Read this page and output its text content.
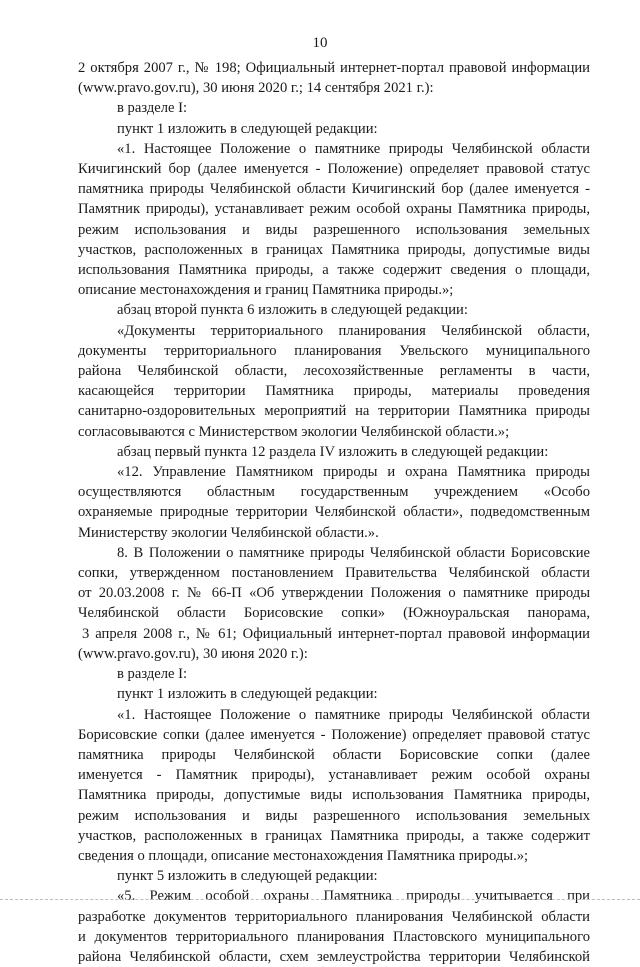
10
2 октября 2007 г., № 198; Официальный интернет-портал правовой информации
(www.pravo.gov.ru), 30 июня 2020 г.; 14 сентября 2021 г.):
в разделе I:
пункт 1 изложить в следующей редакции:
«1. Настоящее Положение о памятнике природы Челябинской области
Кичигинский бор (далее именуется - Положение) определяет правовой статус
памятника природы Челябинской области Кичигинский бор (далее именуется -
Памятник природы), устанавливает режим особой охраны Памятника природы,
режим использования и виды разрешенного использования земельных
участков, расположенных в границах Памятника природы, допустимые виды
использования Памятника природы, а также содержит сведения о площади,
описание местонахождения и границ Памятника природы.»;
абзац второй пункта 6 изложить в следующей редакции:
«Документы территориального планирования Челябинской области,
документы территориального планирования Увельского муниципального
района Челябинской области, лесохозяйственные регламенты в части,
касающейся территории Памятника природы, материалы проведения
санитарно-оздоровительных мероприятий на территории Памятника природы
согласовываются с Министерством экологии Челябинской области.»;
абзац первый пункта 12 раздела IV изложить в следующей редакции:
«12. Управление Памятником природы и охрана Памятника природы
осуществляются областным государственным учреждением «Особо
охраняемые природные территории Челябинской области», подведомственным
Министерству экологии Челябинской области.».
8. В Положении о памятнике природы Челябинской области Борисовские
сопки, утвержденном постановлением Правительства Челябинской области
от 20.03.2008 г. № 66-П «Об утверждении Положения о памятнике природы
Челябинской области Борисовские сопки» (Южноуральская панорама,
3 апреля 2008 г., № 61; Официальный интернет-портал правовой информации
(www.pravo.gov.ru), 30 июня 2020 г.):
в разделе I:
пункт 1 изложить в следующей редакции:
«1. Настоящее Положение о памятнике природы Челябинской области
Борисовские сопки (далее именуется - Положение) определяет правовой статус
памятника природы Челябинской области Борисовские сопки (далее
именуется - Памятник природы), устанавливает режим особой охраны
Памятника природы, допустимые виды использования Памятника природы,
режим использования и виды разрешенного использования земельных
участков, расположенных в границах Памятника природы, а также содержит
сведения о площади, описание местонахождения Памятника природы.»;
пункт 5 изложить в следующей редакции:
«5. Режим особой охраны Памятника природы учитывается при
разработке документов территориального планирования Челябинской области
и документов территориального планирования Пластовского муниципального
района Челябинской области, схем землеустройства территории Челябинской
